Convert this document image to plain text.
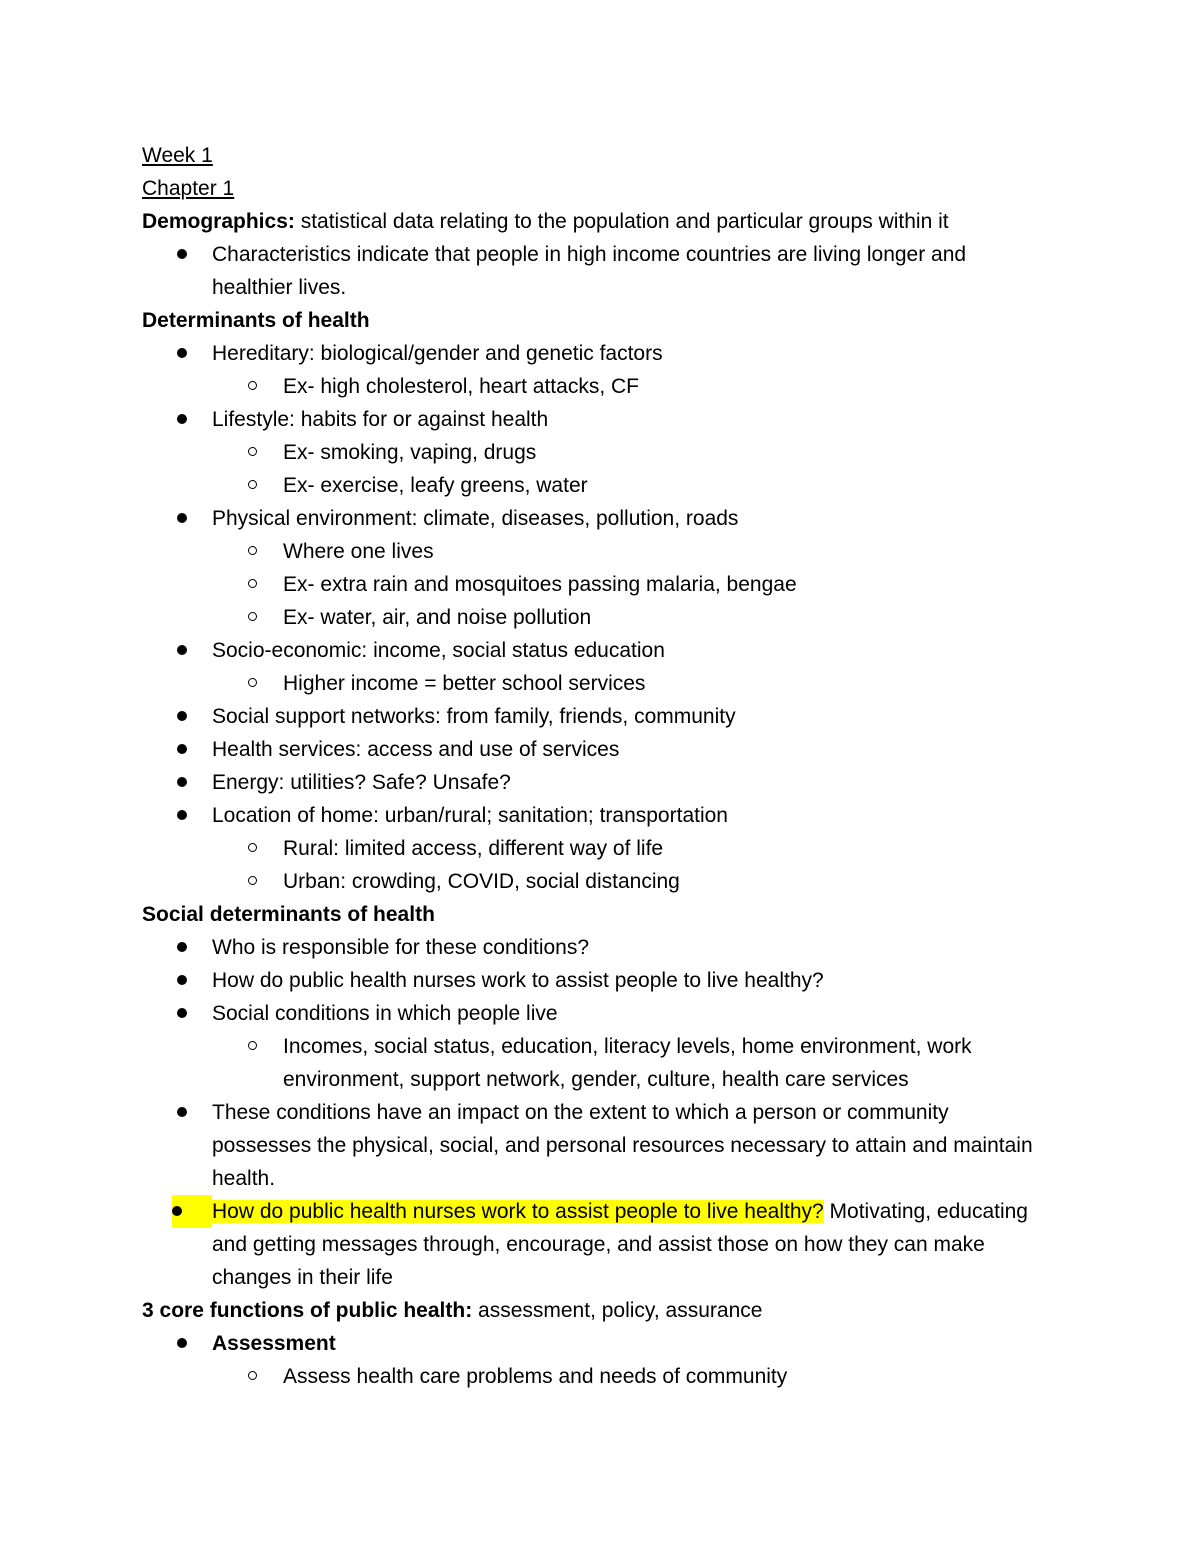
Week 1
Chapter 1
Demographics: statistical data relating to the population and particular groups within it
Characteristics indicate that people in high income countries are living longer and
healthier lives.
Determinants of health
Hereditary: biological/gender and genetic factors
Ex- high cholesterol, heart attacks, CF
Lifestyle: habits for or against health
Ex- smoking, vaping, drugs
Ex- exercise, leafy greens, water
Physical environment: climate, diseases, pollution, roads
Where one lives
Ex- extra rain and mosquitoes passing malaria, bengae
Ex- water, air, and noise pollution
Socio-economic: income, social status education
Higher income = better school services
Social support networks: from family, friends, community
Health services: access and use of services
Energy: utilities? Safe? Unsafe?
Location of home: urban/rural; sanitation; transportation
Rural: limited access, different way of life
Urban: crowding, COVID, social distancing
Social determinants of health
Who is responsible for these conditions?
How do public health nurses work to assist people to live healthy?
Social conditions in which people live
Incomes, social status, education, literacy levels, home environment, work
environment, support network, gender, culture, health care services
These conditions have an impact on the extent to which a person or community
possesses the physical, social, and personal resources necessary to attain and maintain
health.
How do public health nurses work to assist people to live healthy? Motivating, educating
and getting messages through, encourage, and assist those on how they can make
changes in their life
3 core functions of public health: assessment, policy, assurance
Assessment
Assess health care problems and needs of community
